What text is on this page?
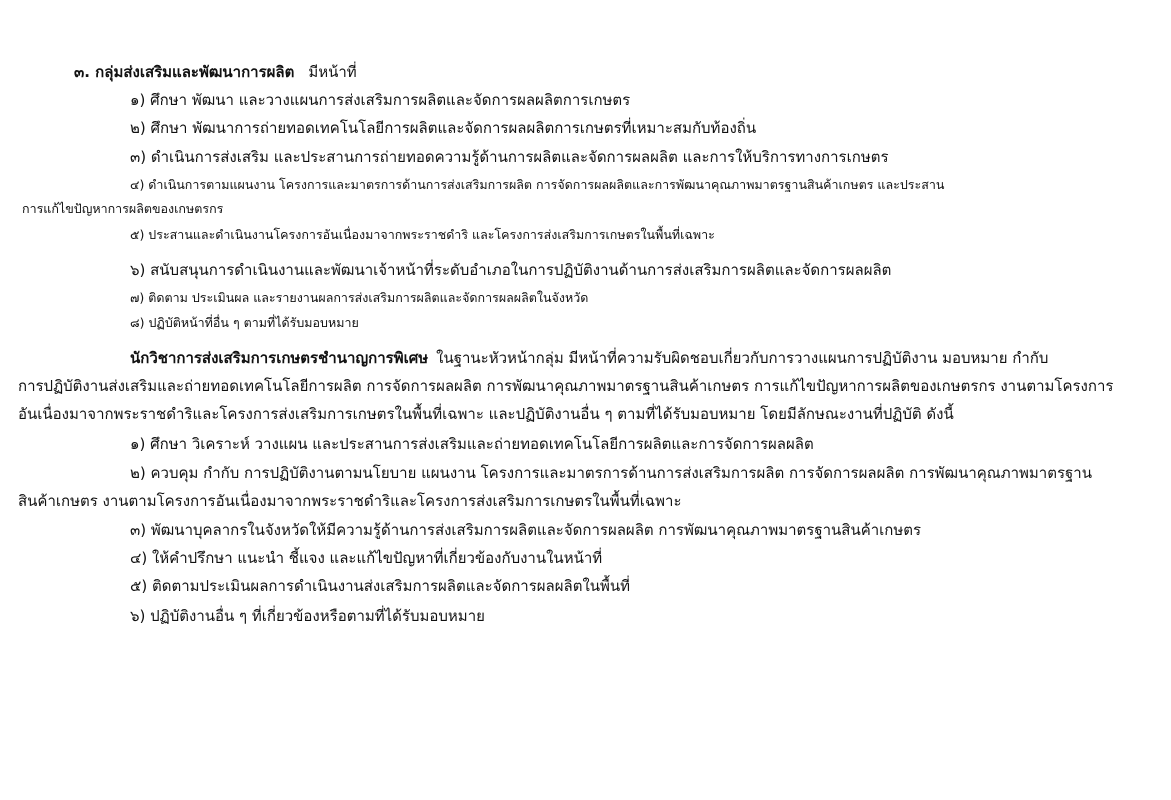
๓. กลุ่มส่งเสริมและพัฒนาการผลิต มีหน้าที่
๑) ศึกษา พัฒนา และวางแผนการส่งเสริมการผลิตและจัดการผลผลิตการเกษตร
๒) ศึกษา พัฒนาการถ่ายทอดเทคโนโลยีการผลิตและจัดการผลผลิตการเกษตรที่เหมาะสมกับท้องถิ่น
๓) ดำเนินการส่งเสริม และประสานการถ่ายทอดความรู้ด้านการผลิตและจัดการผลผลิต และการให้บริการทางการเกษตร
๔) ดำเนินการตามแผนงาน โครงการและมาตรการด้านการส่งเสริมการผลิต การจัดการผลผลิตและการพัฒนาคุณภาพมาตรฐานสินค้าเกษตร และประสาน
การแก้ไขปัญหาการผลิตของเกษตรกร
๕) ประสานและดำเนินงานโครงการอันเนื่องมาจากพระราชดำริ และโครงการส่งเสริมการเกษตรในพื้นที่เฉพาะ
๖) สนับสนุนการดำเนินงานและพัฒนาเจ้าหน้าที่ระดับอำเภอในการปฏิบัติงานด้านการส่งเสริมการผลิตและจัดการผลผลิต
๗) ติดตาม ประเมินผล และรายงานผลการส่งเสริมการผลิตและจัดการผลผลิตในจังหวัด
๘) ปฏิบัติหน้าที่อื่น ๆ ตามที่ได้รับมอบหมาย
นักวิชาการส่งเสริมการเกษตรชำนาญการพิเศษ ในฐานะหัวหน้ากลุ่ม มีหน้าที่ความรับผิดชอบเกี่ยวกับการวางแผนการปฏิบัติงาน มอบหมาย กำกับ
การปฏิบัติงานส่งเสริมและถ่ายทอดเทคโนโลยีการผลิต การจัดการผลผลิต การพัฒนาคุณภาพมาตรฐานสินค้าเกษตร การแก้ไขปัญหาการผลิตของเกษตรกร งานตามโครงการ
อันเนื่องมาจากพระราชดำริและโครงการส่งเสริมการเกษตรในพื้นที่เฉพาะ และปฏิบัติงานอื่น ๆ ตามที่ได้รับมอบหมาย โดยมีลักษณะงานที่ปฏิบัติ ดังนี้
๑) ศึกษา วิเคราะห์ วางแผน และประสานการส่งเสริมและถ่ายทอดเทคโนโลยีการผลิตและการจัดการผลผลิต
๒) ควบคุม กำกับ การปฏิบัติงานตามนโยบาย แผนงาน โครงการและมาตรการด้านการส่งเสริมการผลิต การจัดการผลผลิต การพัฒนาคุณภาพมาตรฐาน
สินค้าเกษตร งานตามโครงการอันเนื่องมาจากพระราชดำริและโครงการส่งเสริมการเกษตรในพื้นที่เฉพาะ
๓) พัฒนาบุคลากรในจังหวัดให้มีความรู้ด้านการส่งเสริมการผลิตและจัดการผลผลิต การพัฒนาคุณภาพมาตรฐานสินค้าเกษตร
๔) ให้คำปรึกษา แนะนำ ชี้แจง และแก้ไขปัญหาที่เกี่ยวข้องกับงานในหน้าที่
๕) ติดตามประเมินผลการดำเนินงานส่งเสริมการผลิตและจัดการผลผลิตในพื้นที่
๖) ปฏิบัติงานอื่น ๆ ที่เกี่ยวข้องหรือตามที่ได้รับมอบหมาย
